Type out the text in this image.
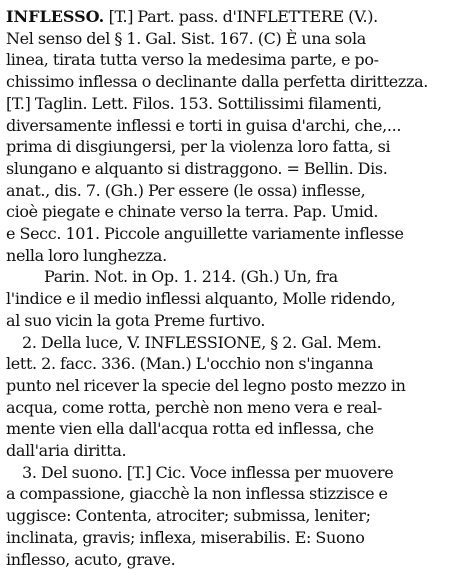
INFLESSO. [T.] Part. pass. d'INFLETTERE (V.).
Nel senso del § 1. Gal. Sist. 167. (C) È una sola
linea, tirata tutta verso la medesima parte, e po-
chissimo inflessa o declinante dalla perfetta dirittezza.
[T.] Taglin. Lett. Filos. 153. Sottilissimi filamenti,
diversamente inflessi e torti in guisa d'archi, che,...
prima di disgiungersi, per la violenza loro fatta, si
slungano e alquanto si distraggono. = Bellin. Dis.
anat., dis. 7. (Gh.) Per essere (le ossa) inflesse,
cioè piegate e chinate verso la terra. Pap. Umid.
e Secc. 101. Piccole anguillette variamente inflesse
nella loro lunghezza.
Parin. Not. in Op. 1. 214. (Gh.) Un, fra
l'indice e il medio inflessi alquanto, Molle ridendo,
al suo vicin la gota Preme furtivo.
2. Della luce, V. INFLESSIONE, § 2. Gal. Mem.
lett. 2. facc. 336. (Man.) L'occhio non s'inganna
punto nel ricever la specie del legno posto mezzo in
acqua, come rotta, perchè non meno vera e real-
mente vien ella dall'acqua rotta ed inflessa, che
dall'aria diritta.
3. Del suono. [T.] Cic. Voce inflessa per muovere
a compassione, giacchè la non inflessa stizzisce e
uggisce: Contenta, atrociter; submissa, leniter;
inclinata, gravis; inflexa, miserabilis. E: Suono
inflesso, acuto, grave.
